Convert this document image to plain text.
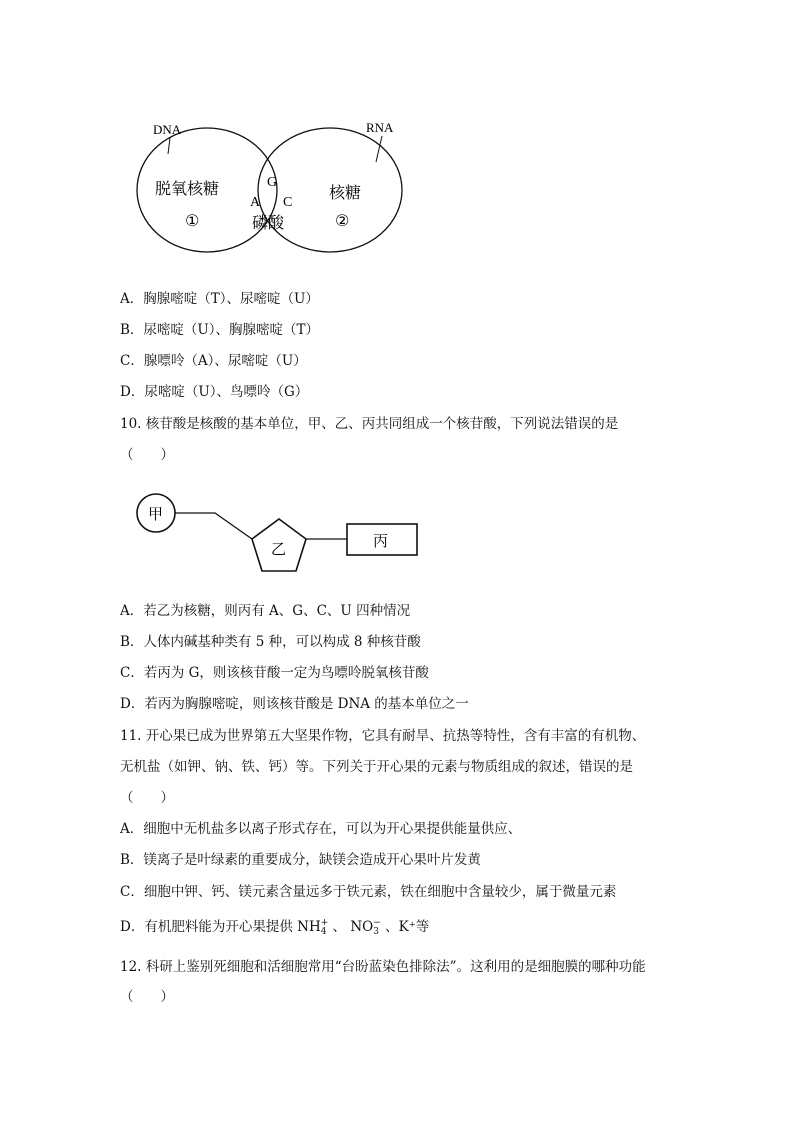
DNA	RNA
脱氧核糖
①
核糖
②
G
A C
磷酸
A．胸腺嘧啶（T）、尿嘧啶（U）
B．尿嘧啶（U）、胸腺嘧啶（T）
C．腺嘌呤（A）、尿嘧啶（U）
D．尿嘧啶（U）、鸟嘌呤（G）
10. 核苷酸是核酸的基本单位，甲、乙、丙共同组成一个核苷酸，下列说法错误的是
（　　）
甲
乙	丙
A．若乙为核糖，则丙有 A、G、C、U 四种情况
B．人体内碱基种类有 5 种，可以构成 8 种核苷酸
C．若丙为 G，则该核苷酸一定为鸟嘌呤脱氧核苷酸
D．若丙为胸腺嘧啶，则该核苷酸是 DNA 的基本单位之一
11. 开心果已成为世界第五大坚果作物，它具有耐旱、抗热等特性，含有丰富的有机物、
无机盐（如钾、钠、铁、钙）等。下列关于开心果的元素与物质组成的叙述，错误的是
（　　）
A．细胞中无机盐多以离子形式存在，可以为开心果提供能量供应、
B．镁离子是叶绿素的重要成分，缺镁会造成开心果叶片发黄
C．细胞中钾、钙、镁元素含量远多于铁元素，铁在细胞中含量较少，属于微量元素
D．有机肥料能为开心果提供 NH +
4 、 NO −
3 、K⁺等
12. 科研上鉴别死细胞和活细胞常用“台盼蓝染色排除法”。这利用的是细胞膜的哪种功能
（　　）
